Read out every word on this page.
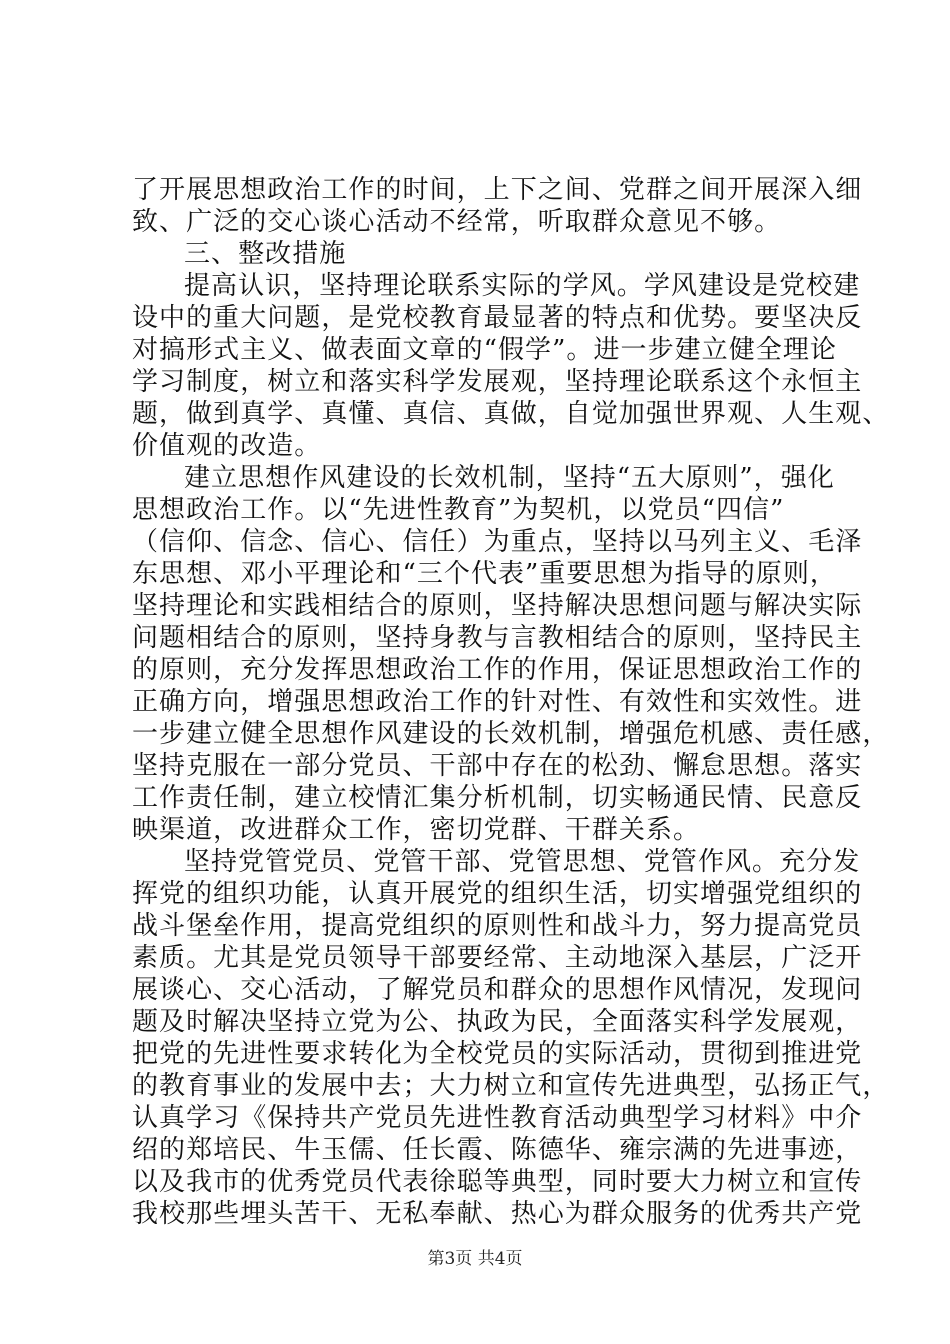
了开展思想政治工作的时间，上下之间、党群之间开展深入细
致、广泛的交心谈心活动不经常，听取群众意见不够。
三、整改措施
提高认识，坚持理论联系实际的学风。学风建设是党校建
设中的重大问题，是党校教育最显著的特点和优势。要坚决反
对搞形式主义、做表面文章的“假学”。进一步建立健全理论
学习制度，树立和落实科学发展观，坚持理论联系这个永恒主
题，做到真学、真懂、真信、真做，自觉加强世界观、人生观、
价值观的改造。
建立思想作风建设的长效机制，坚持“五大原则”，强化
思想政治工作。以“先进性教育”为契机，以党员“四信”
（信仰、信念、信心、信任）为重点，坚持以马列主义、毛泽
东思想、邓小平理论和“三个代表”重要思想为指导的原则，
坚持理论和实践相结合的原则，坚持解决思想问题与解决实际
问题相结合的原则，坚持身教与言教相结合的原则，坚持民主
的原则，充分发挥思想政治工作的作用，保证思想政治工作的
正确方向，增强思想政治工作的针对性、有效性和实效性。进
一步建立健全思想作风建设的长效机制，增强危机感、责任感，
坚持克服在一部分党员、干部中存在的松劲、懈怠思想。落实
工作责任制，建立校情汇集分析机制，切实畅通民情、民意反
映渠道，改进群众工作，密切党群、干群关系。
坚持党管党员、党管干部、党管思想、党管作风。充分发
挥党的组织功能，认真开展党的组织生活，切实增强党组织的
战斗堡垒作用，提高党组织的原则性和战斗力，努力提高党员
素质。尤其是党员领导干部要经常、主动地深入基层，广泛开
展谈心、交心活动，了解党员和群众的思想作风情况，发现问
题及时解决坚持立党为公、执政为民，全面落实科学发展观，
把党的先进性要求转化为全校党员的实际活动，贯彻到推进党
的教育事业的发展中去；大力树立和宣传先进典型，弘扬正气，
认真学习《保持共产党员先进性教育活动典型学习材料》中介
绍的郑培民、牛玉儒、任长霞、陈德华、雍宗满的先进事迹，
以及我市的优秀党员代表徐聪等典型，同时要大力树立和宣传
我校那些埋头苦干、无私奉献、热心为群众服务的优秀共产党
第3页 共4页
